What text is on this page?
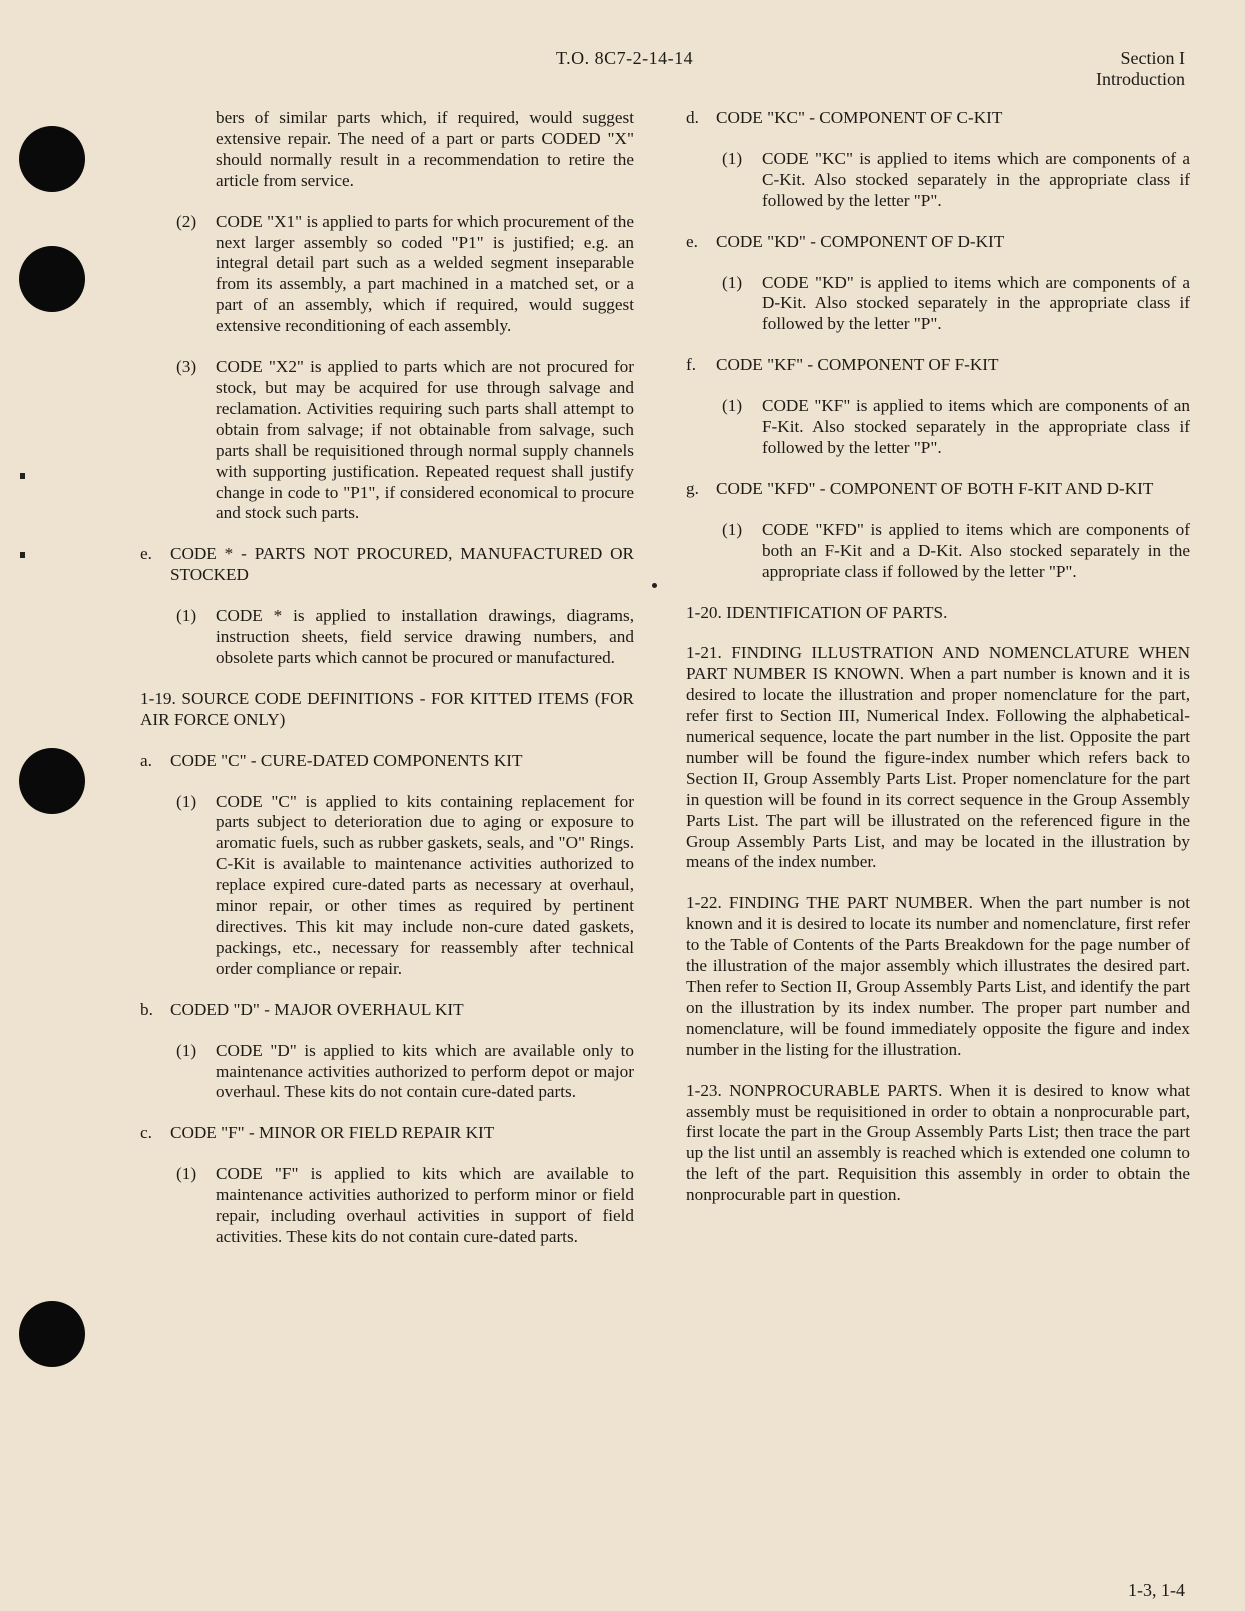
T.O. 8C7-2-14-14	Section I
Introduction

bers of similar parts which, if required, would suggest extensive repair. The need of a part or parts CODED "X" should normally result in a recommendation to retire the article from service.

(2) CODE "X1" is applied to parts for which procurement of the next larger assembly so coded "P1" is justified; e.g. an integral detail part such as a welded segment inseparable from its assembly, a part machined in a matched set, or a part of an assembly, which if required, would suggest extensive reconditioning of each assembly.

(3) CODE "X2" is applied to parts which are not procured for stock, but may be acquired for use through salvage and reclamation. Activities requiring such parts shall attempt to obtain from salvage; if not obtainable from salvage, such parts shall be requisitioned through normal supply channels with supporting justification. Repeated request shall justify change in code to "P1", if considered economical to procure and stock such parts.

e.	CODE * - PARTS NOT PROCURED, MANUFACTURED OR STOCKED

(1) CODE * is applied to installation drawings, diagrams, instruction sheets, field service drawing numbers, and obsolete parts which cannot be procured or manufactured.

1-19. SOURCE CODE DEFINITIONS - FOR KITTED ITEMS (FOR AIR FORCE ONLY)

a.	CODE "C" - CURE-DATED COMPONENTS KIT

(1) CODE "C" is applied to kits containing replacement for parts subject to deterioration due to aging or exposure to aromatic fuels, such as rubber gaskets, seals, and "O" Rings. C-Kit is available to maintenance activities authorized to replace expired cure-dated parts as necessary at overhaul, minor repair, or other times as required by pertinent directives. This kit may include non-cure dated gaskets, packings, etc., necessary for reassembly after technical order compliance or repair.

b. CODED "D" - MAJOR OVERHAUL KIT

(1) CODE "D" is applied to kits which are available only to maintenance activities authorized to perform depot or major overhaul. These kits do not contain cure-dated parts.

c.	CODE "F" - MINOR OR FIELD REPAIR KIT

(1) CODE "F" is applied to kits which are available to maintenance activities authorized to perform minor or field repair, including overhaul activities in support of field activities. These kits do not contain cure-dated parts.

d. CODE "KC" - COMPONENT OF C-KIT

(1) CODE "KC" is applied to items which are components of a C-Kit. Also stocked separately in the appropriate class if followed by the letter "P".

e.	CODE "KD" - COMPONENT OF D-KIT

(1) CODE "KD" is applied to items which are components of a D-Kit. Also stocked separately in the appropriate class if followed by the letter "P".

f.	CODE "KF" - COMPONENT OF F-KIT

(1) CODE "KF" is applied to items which are components of an F-Kit. Also stocked separately in the appropriate class if followed by the letter "P".

g. CODE "KFD" - COMPONENT OF BOTH F-KIT AND D-KIT

(1) CODE "KFD" is applied to items which are components of both an F-Kit and a D-Kit. Also stocked separately in the appropriate class if followed by the letter "P".

1-20. IDENTIFICATION OF PARTS.

1-21. FINDING ILLUSTRATION AND NOMENCLATURE WHEN PART NUMBER IS KNOWN. When a part number is known and it is desired to locate the illustration and proper nomenclature for the part, refer first to Section III, Numerical Index. Following the alphabetical-numerical sequence, locate the part number in the list. Opposite the part number will be found the figure-index number which refers back to Section II, Group Assembly Parts List. Proper nomenclature for the part in question will be found in its correct sequence in the Group Assembly Parts List. The part will be illustrated on the referenced figure in the Group Assembly Parts List, and may be located in the illustration by means of the index number.

1-22. FINDING THE PART NUMBER. When the part number is not known and it is desired to locate its number and nomenclature, first refer to the Table of Contents of the Parts Breakdown for the page number of the illustration of the major assembly which illustrates the desired part. Then refer to Section II, Group Assembly Parts List, and identify the part on the illustration by its index number. The proper part number and nomenclature, will be found immediately opposite the figure and index number in the listing for the illustration.

1-23. NONPROCURABLE PARTS. When it is desired to know what assembly must be requisitioned in order to obtain a nonprocurable part, first locate the part in the Group Assembly Parts List; then trace the part up the list until an assembly is reached which is extended one column to the left of the part. Requisition this assembly in order to obtain the nonprocurable part in question.

1-3, 1-4
